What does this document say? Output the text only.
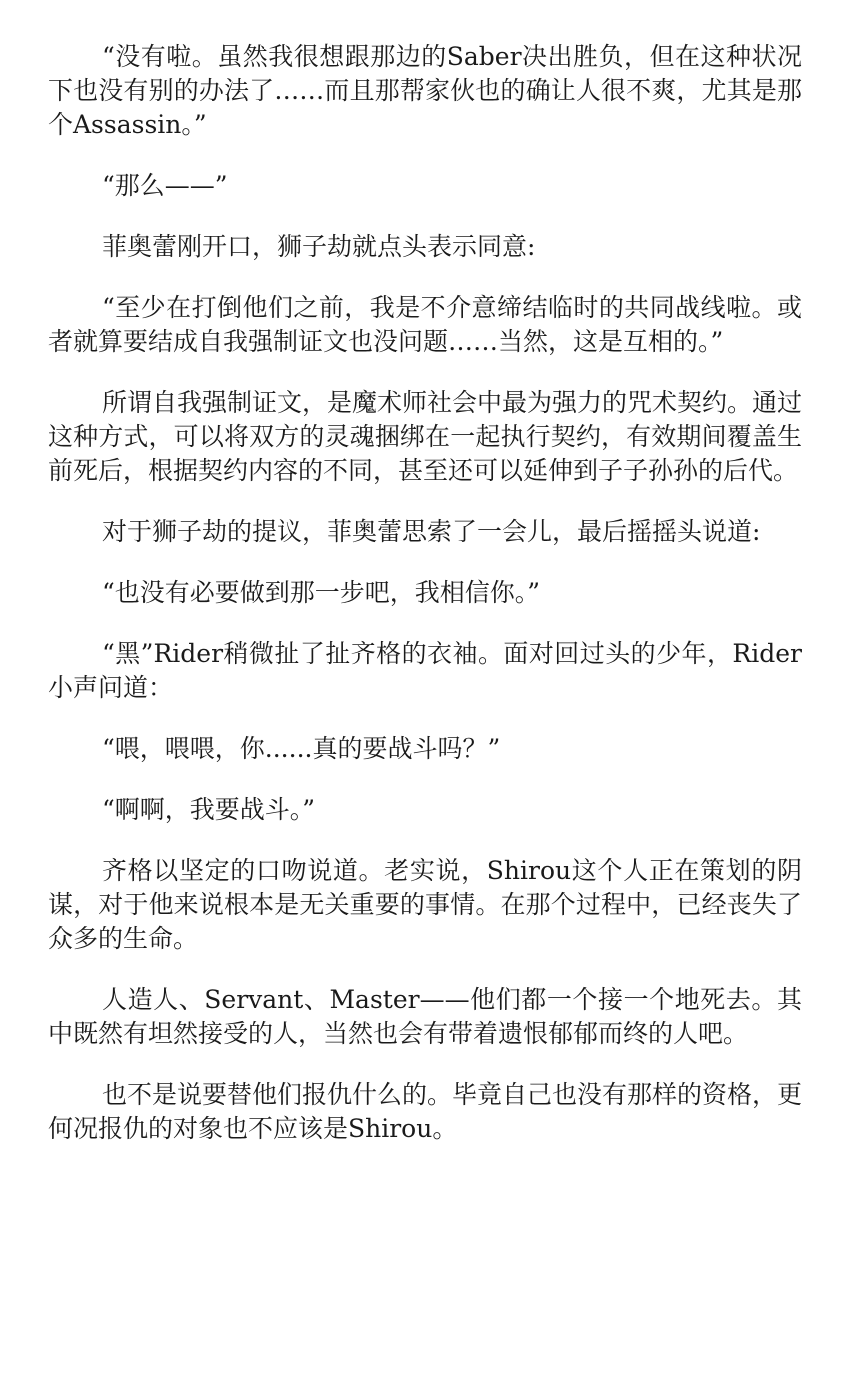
“没有啦。虽然我很想跟那边的Saber决出胜负，但在这种状况下也没有别的办法了……而且那帮家伙也的确让人很不爽，尤其是那个Assassin。”

“那么——”

菲奥蕾刚开口，狮子劫就点头表示同意:

“至少在打倒他们之前，我是不介意缔结临时的共同战线啦。或者就算要结成自我强制证文也没问题……当然，这是互相的。”

所谓自我强制证文，是魔术师社会中最为强力的咒术契约。通过这种方式，可以将双方的灵魂捆绑在一起执行契约，有效期间覆盖生前死后，根据契约内容的不同，甚至还可以延伸到子子孙孙的后代。

对于狮子劫的提议，菲奥蕾思索了一会儿，最后摇摇头说道:

“也没有必要做到那一步吧，我相信你。”

“黑”Rider稍微扯了扯齐格的衣袖。面对回过头的少年，Rider小声问道：

“喂，喂喂，你......真的要战斗吗？”

“啊啊，我要战斗。”

齐格以坚定的口吻说道。老实说，Shirou这个人正在策划的阴谋，对于他来说根本是无关重要的事情。在那个过程中，已经丧失了众多的生命。

人造人、Servant、Master——他们都一个接一个地死去。其中既然有坦然接受的人，当然也会有带着遗恨郁郁而终的人吧。

也不是说要替他们报仇什么的。毕竟自己也没有那样的资格，更何况报仇的对象也不应该是Shirou。
